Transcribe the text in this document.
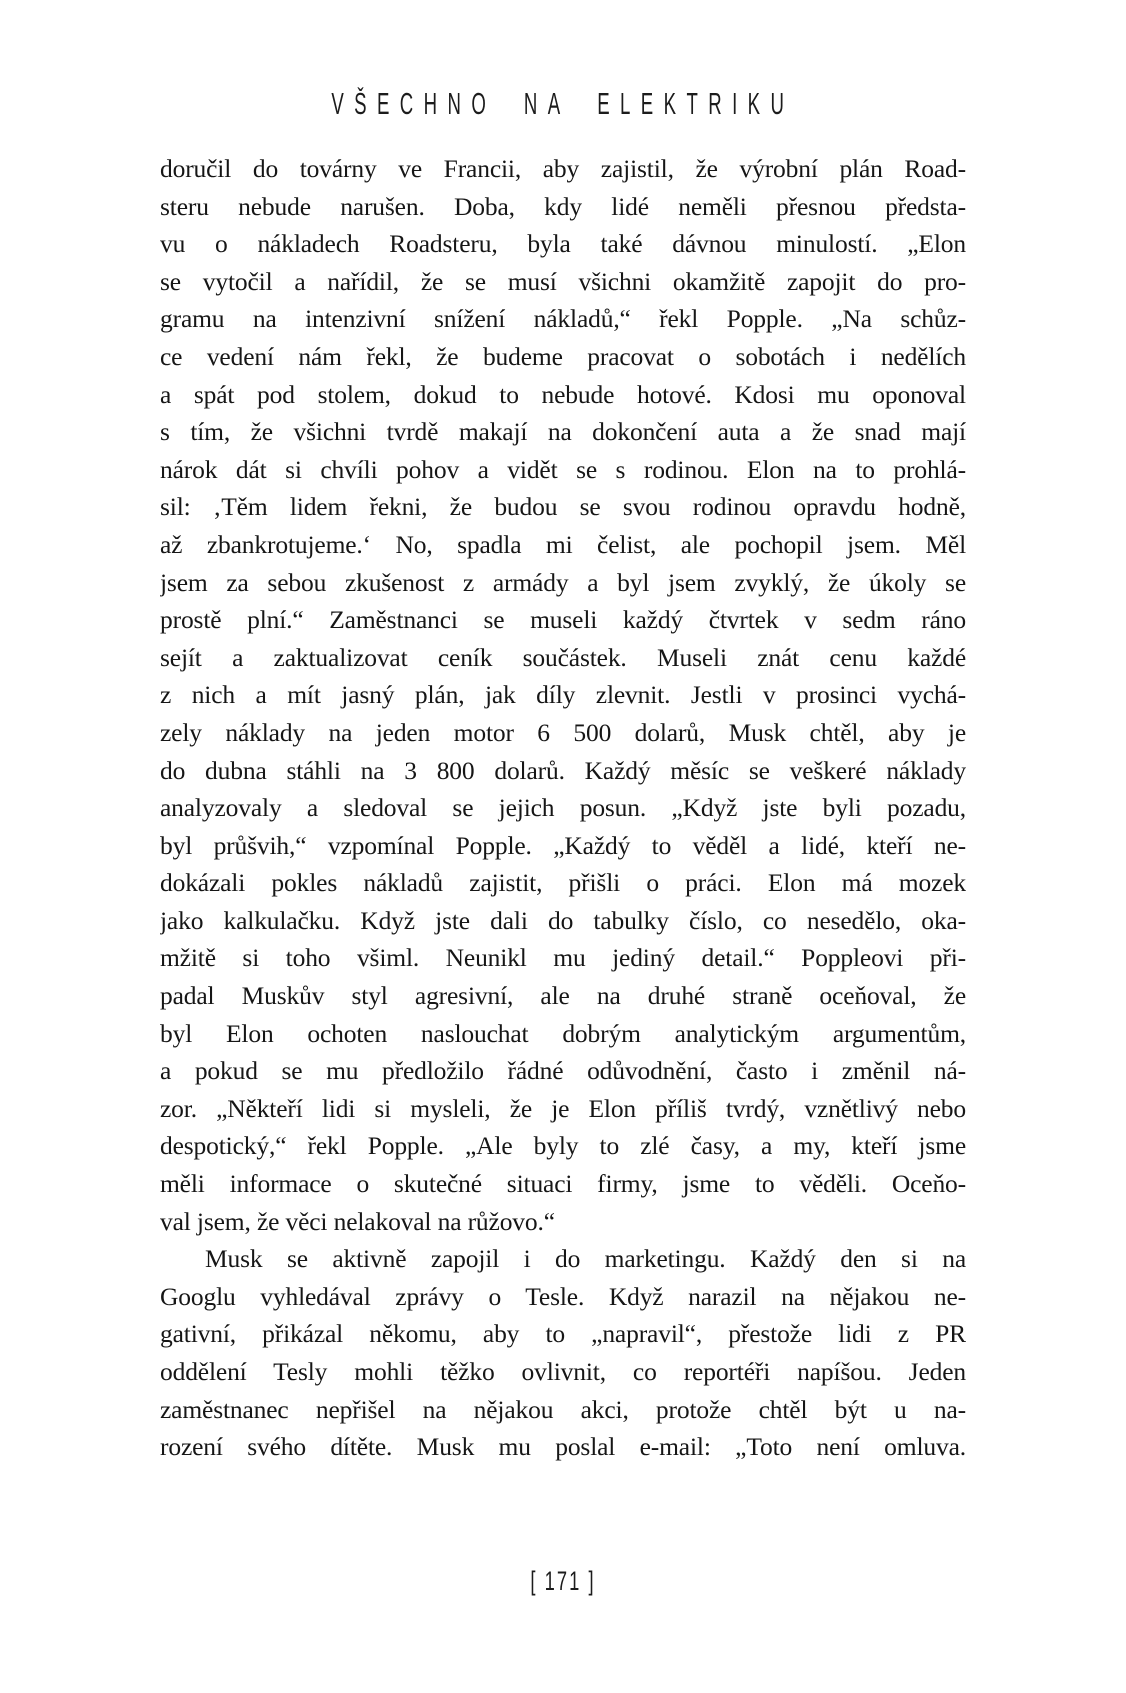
VŠECHNO NA ELEKTRIKU
doručil do továrny ve Francii, aby zajistil, že výrobní plán Road-
steru nebude narušen. Doba, kdy lidé neměli přesnou předsta-
vu o nákladech Roadsteru, byla také dávnou minulostí. „Elon
se vytočil a nařídil, že se musí všichni okamžitě zapojit do pro-
gramu na intenzivní snížení nákladů,“ řekl Popple. „Na schůz-
ce vedení nám řekl, že budeme pracovat o sobotách i nedělích
a spát pod stolem, dokud to nebude hotové. Kdosi mu oponoval
s tím, že všichni tvrdě makají na dokončení auta a že snad mají
nárok dát si chvíli pohov a vidět se s rodinou. Elon na to prohlá-
sil: ‚Těm lidem řekni, že budou se svou rodinou opravdu hodně,
až zbankrotujeme.‘ No, spadla mi čelist, ale pochopil jsem. Měl
jsem za sebou zkušenost z armády a byl jsem zvyklý, že úkoly se
prostě plní.“ Zaměstnanci se museli každý čtvrtek v sedm ráno
sejít a zaktualizovat ceník součástek. Museli znát cenu každé
z nich a mít jasný plán, jak díly zlevnit. Jestli v prosinci vychá-
zely náklady na jeden motor 6 500 dolarů, Musk chtěl, aby je
do dubna stáhli na 3 800 dolarů. Každý měsíc se veškeré náklady
analyzovaly a sledoval se jejich posun. „Když jste byli pozadu,
byl průšvih,“ vzpomínal Popple. „Každý to věděl a lidé, kteří ne-
dokázali pokles nákladů zajistit, přišli o práci. Elon má mozek
jako kalkulačku. Když jste dali do tabulky číslo, co nesedělo, oka-
mžitě si toho všiml. Neunikl mu jediný detail.“ Poppleovi při-
padal Muskův styl agresivní, ale na druhé straně oceňoval, že
byl Elon ochoten naslouchat dobrým analytickým argumentům,
a pokud se mu předložilo řádné odůvodnění, často i změnil ná-
zor. „Někteří lidi si mysleli, že je Elon příliš tvrdý, vznětlivý nebo
despotický,“ řekl Popple. „Ale byly to zlé časy, a my, kteří jsme
měli informace o skutečné situaci firmy, jsme to věděli. Oceňo-
val jsem, že věci nelakoval na růžovo.“
Musk se aktivně zapojil i do marketingu. Každý den si na
Googlu vyhledával zprávy o Tesle. Když narazil na nějakou ne-
gativní, přikázal někomu, aby to „napravil“, přestože lidi z PR
oddělení Tesly mohli těžko ovlivnit, co reportéři napíšou. Jeden
zaměstnanec nepřišel na nějakou akci, protože chtěl být u na-
rození svého dítěte. Musk mu poslal e-mail: „Toto není omluva.
[ 171 ]
